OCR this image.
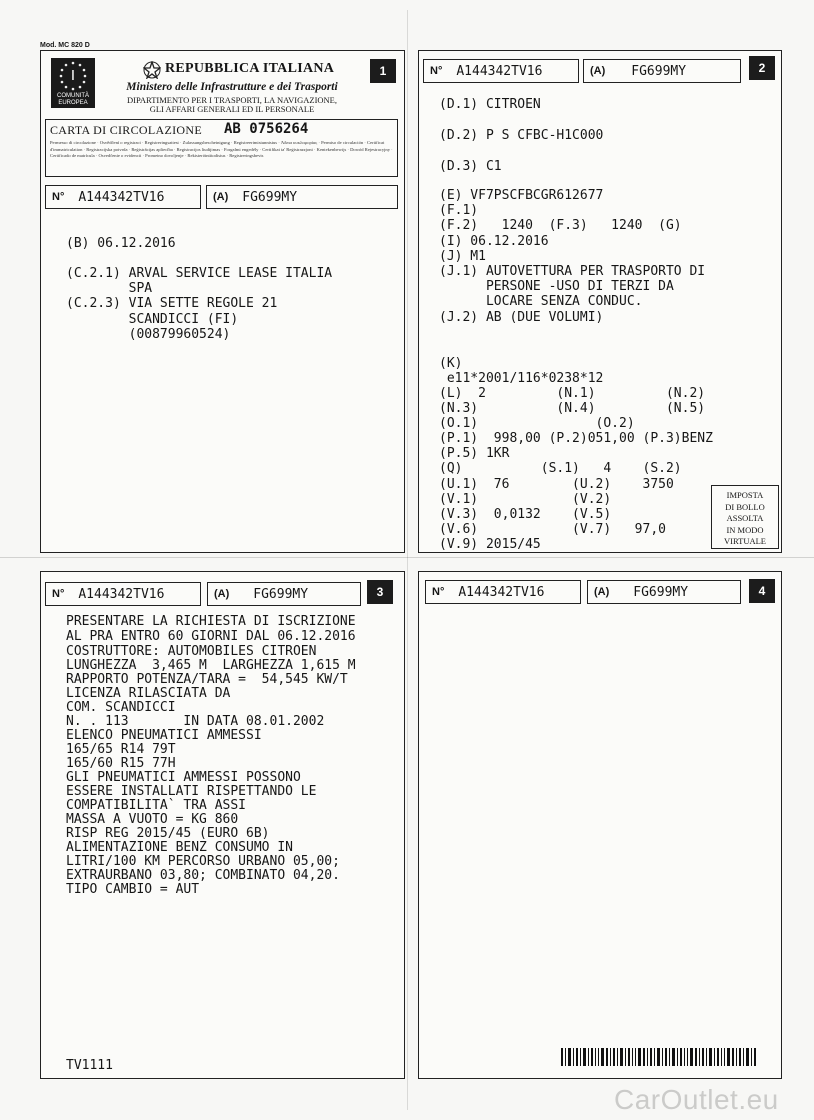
Mod. MC 820 D
1
I
COMUNITÀ
EUROPEA
REPUBBLICA ITALIANA
Ministero delle Infrastrutture e dei Trasporti
DIPARTIMENTO PER I TRASPORTI, LA NAVIGAZIONE,
GLI AFFARI GENERALI ED IL PERSONALE
CARTA DI CIRCOLAZIONE AB 0756264
Permesso di circolazione · Osvědčení o registraci · Registreringsattest · Zulassungsbescheinigung · Registreerimistunnistus · Άδεια κυκλοφορίας · Permiso de circulación · Certificat d'immatriculation · Registracijska potvrda · Reģistrācijas apliecība · Registracijos liudijimas · Forgalmi engedély · Certifikat ta' Reġistrazzjoni · Kentekenbewijs · Dowód Rejestracyjny · Certificado de matrícula · Osvedčenie o evidencii · Prometno dovoljenje · Rekisteröintitodistus · Registreringsbevis
N° A144342TV16	(A) FG699MY
(B) 06.12.2016
(C.2.1) ARVAL SERVICE LEASE ITALIA
SPA
(C.2.3) VIA SETTE REGOLE 21
SCANDICCI (FI)
(00879960524)
2
N° A144342TV16	(A) FG699MY
(D.1) CITROEN
(D.2) P S CFBC-H1C000
(D.3) C1
(E) VF7PSCFBCGR612677
(F.1)
(F.2)   1240  (F.3)   1240  (G)
(I) 06.12.2016
(J) M1
(J.1) AUTOVETTURA PER TRASPORTO DI
PERSONE -USO DI TERZI DA
LOCARE SENZA CONDUC.
(J.2) AB (DUE VOLUMI)
(K)
e11*2001/116*0238*12
(L)  2         (N.1)         (N.2)
(N.3)          (N.4)         (N.5)
(O.1)               (O.2)
(P.1)  998,00 (P.2)051,00 (P.3)BENZ
(P.5) 1KR
(Q)          (S.1)   4    (S.2)
(U.1)  76        (U.2)    3750
(V.1)            (V.2)
(V.3)  0,0132    (V.5)
(V.6)            (V.7)   97,0
(V.9) 2015/45
IMPOSTA
DI BOLLO
ASSOLTA
IN MODO
VIRTUALE
3
N° A144342TV16	(A) FG699MY
PRESENTARE LA RICHIESTA DI ISCRIZIONE
AL PRA ENTRO 60 GIORNI DAL 06.12.2016
COSTRUTTORE: AUTOMOBILES CITROEN
LUNGHEZZA  3,465 M  LARGHEZZA 1,615 M
RAPPORTO POTENZA/TARA =  54,545 KW/T
LICENZA RILASCIATA DA
COM. SCANDICCI
N. . 113       IN DATA 08.01.2002
ELENCO PNEUMATICI AMMESSI
165/65 R14 79T
165/60 R15 77H
GLI PNEUMATICI AMMESSI POSSONO
ESSERE INSTALLATI RISPETTANDO LE
COMPATIBILITA` TRA ASSI
MASSA A VUOTO = KG 860
RISP REG 2015/45 (EURO 6B)
ALIMENTAZIONE BENZ CONSUMO IN
LITRI/100 KM PERCORSO URBANO 05,00;
EXTRAURBANO 03,80; COMBINATO 04,20.
TIPO CAMBIO = AUT
TV1111
4
N° A144342TV16	(A) FG699MY
CarOutlet.eu
